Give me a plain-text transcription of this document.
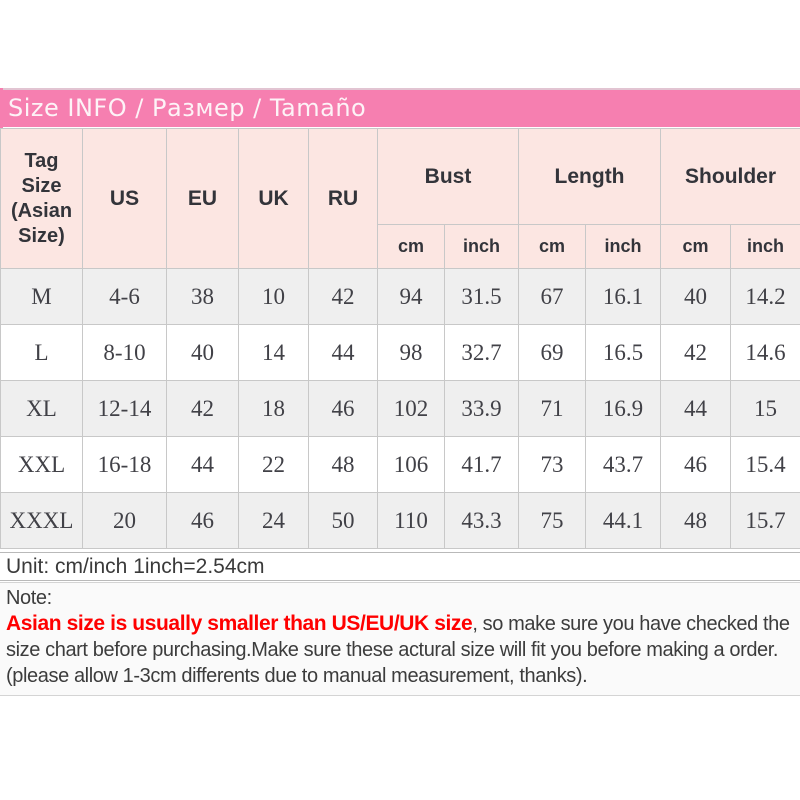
Size INFO / Размер / Tamaño
Tag Size (Asian Size)	US	EU	UK	RU	Bust		Length		Shoulder	
					cm	inch	cm	inch	cm	inch
M	4-6	38	10	42	94	31.5	67	16.1	40	14.2
L	8-10	40	14	44	98	32.7	69	16.5	42	14.6
XL	12-14	42	18	46	102	33.9	71	16.9	44	15
XXL	16-18	44	22	48	106	41.7	73	43.7	46	15.4
XXXL	20	46	24	50	110	43.3	75	44.1	48	15.7
Unit: cm/inch 1inch=2.54cm
Note:
Asian size is usually smaller than US/EU/UK size, so make sure you have checked the size chart before purchasing.Make sure these actural size will fit you before making a order.(please allow 1-3cm differents due to manual measurement, thanks).
